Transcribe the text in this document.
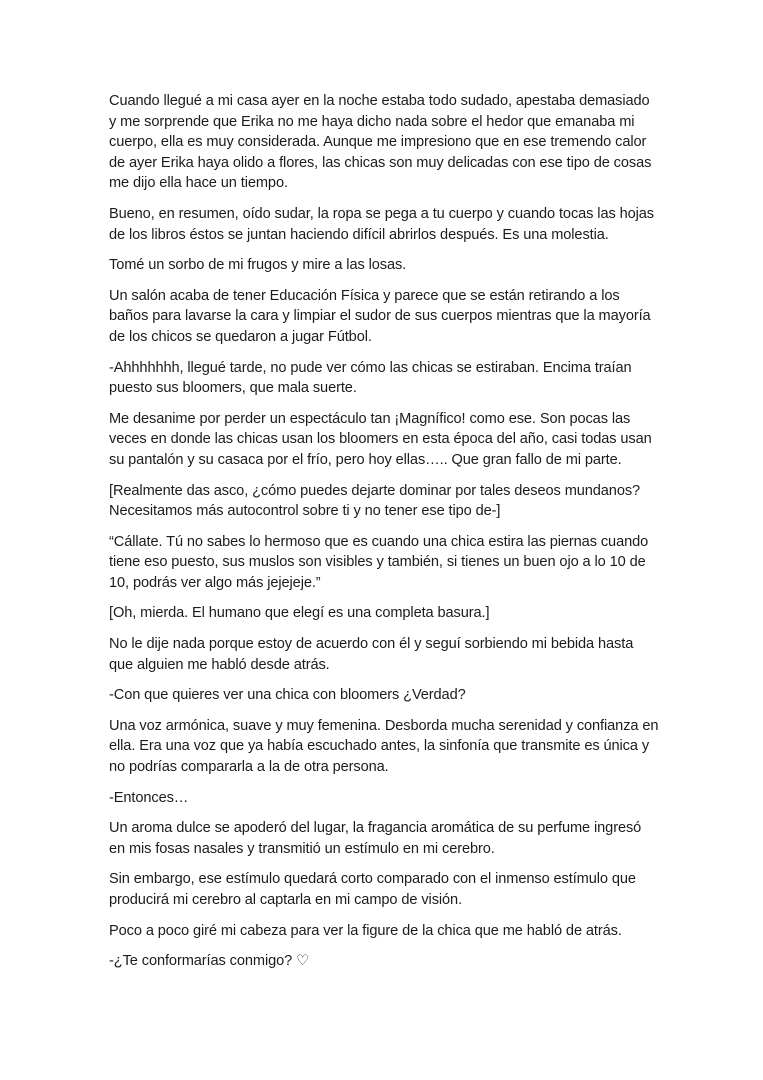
Cuando llegué a mi casa ayer en la noche estaba todo sudado, apestaba demasiado y me sorprende que Erika no me haya dicho nada sobre el hedor que emanaba mi cuerpo, ella es muy considerada. Aunque me impresiono que en ese tremendo calor de ayer Erika haya olido a flores, las chicas son muy delicadas con ese tipo de cosas me dijo ella hace un tiempo.

Bueno, en resumen, oído sudar, la ropa se pega a tu cuerpo y cuando tocas las hojas de los libros éstos se juntan haciendo difícil abrirlos después. Es una molestia.

Tomé un sorbo de mi frugos y mire a las losas.

Un salón acaba de tener Educación Física y parece que se están retirando a los baños para lavarse la cara y limpiar el sudor de sus cuerpos mientras que la mayoría de los chicos se quedaron a jugar Fútbol.

-Ahhhhhhh, llegué tarde, no pude ver cómo las chicas se estiraban. Encima traían puesto sus bloomers, que mala suerte.

Me desanime por perder un espectáculo tan ¡Magnífico! como ese. Son pocas las veces en donde las chicas usan los bloomers en esta época del año, casi todas usan su pantalón y su casaca por el frío, pero hoy ellas….. Que gran fallo de mi parte.

[Realmente das asco, ¿cómo puedes dejarte dominar por tales deseos mundanos? Necesitamos más autocontrol sobre ti y no tener ese tipo de-]

“Cállate. Tú no sabes lo hermoso que es cuando una chica estira las piernas cuando tiene eso puesto, sus muslos son visibles y también, si tienes un buen ojo a lo 10 de 10, podrás ver algo más jejejeje.”

[Oh, mierda. El humano que elegí es una completa basura.]

No le dije nada porque estoy de acuerdo con él y seguí sorbiendo mi bebida hasta que alguien me habló desde atrás.

-Con que quieres ver una chica con bloomers ¿Verdad?

Una voz armónica, suave y muy femenina. Desborda mucha serenidad y confianza en ella. Era una voz que ya había escuchado antes, la sinfonía que transmite es única y no podrías compararla a la de otra persona.

-Entonces…

Un aroma dulce se apoderó del lugar, la fragancia aromática de su perfume ingresó en mis fosas nasales y transmitió un estímulo en mi cerebro.

Sin embargo, ese estímulo quedará corto comparado con el inmenso estímulo que producirá mi cerebro al captarla en mi campo de visión.

Poco a poco giré mi cabeza para ver la figure de la chica que me habló de atrás.

-¿Te conformarías conmigo? ♡
